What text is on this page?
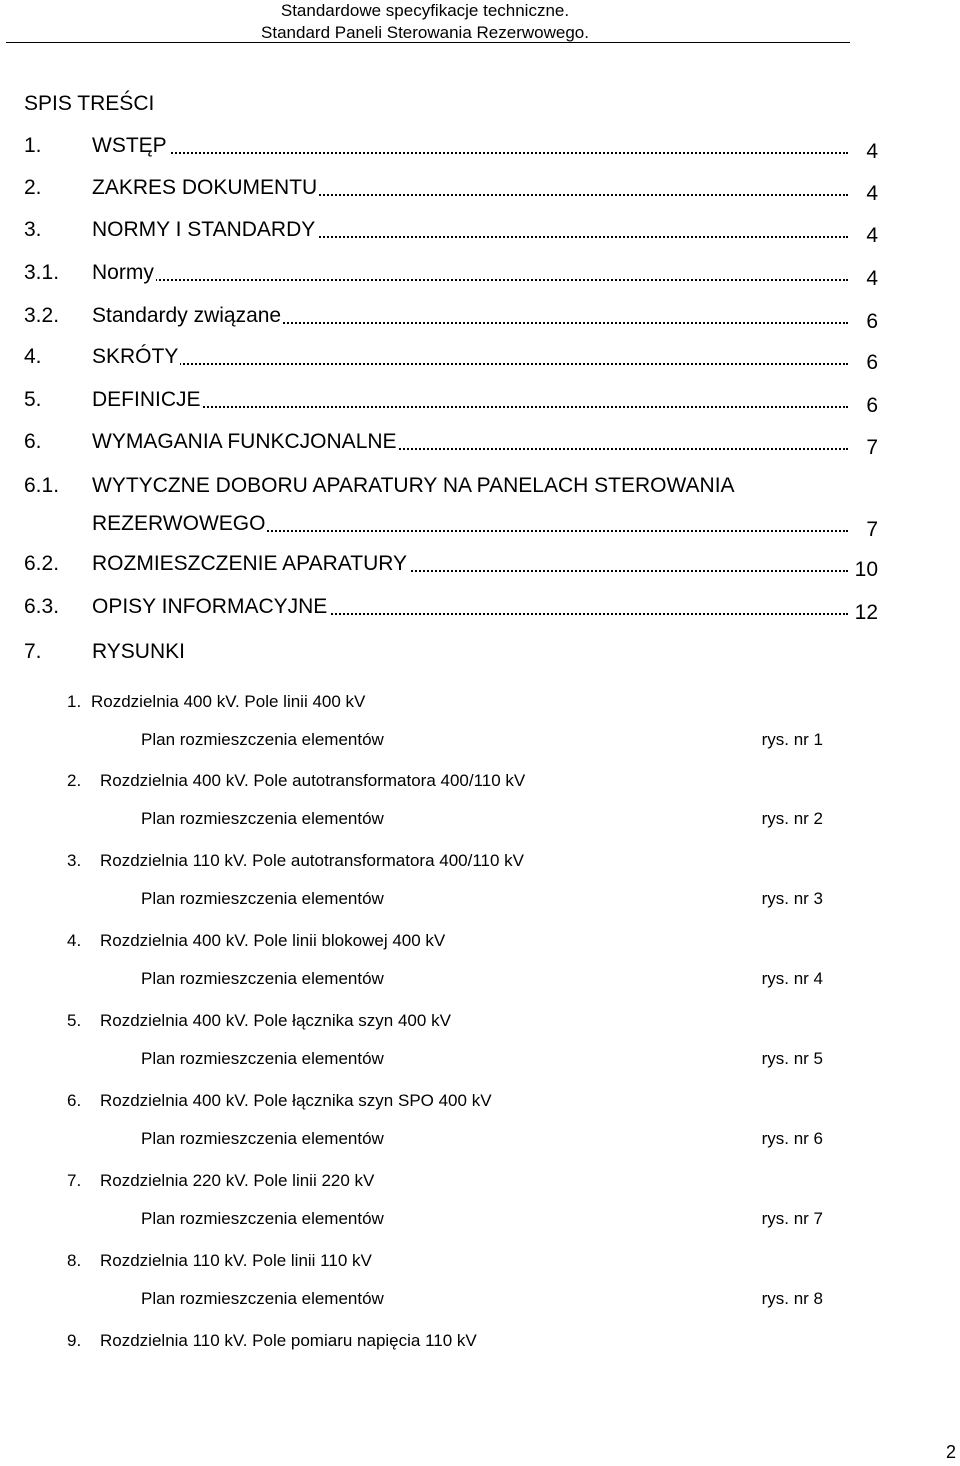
Standardowe specyfikacje techniczne.
Standard Paneli Sterowania Rezerwowego.
SPIS TREŚCI
1. WSTĘP	4
2. ZAKRES DOKUMENTU	4
3. NORMY I STANDARDY	4
3.1. Normy	4
3.2. Standardy związane	6
4. SKRÓTY	6
5. DEFINICJE	6
6. WYMAGANIA FUNKCJONALNE	7
6.1. WYTYCZNE DOBORU APARATURY NA PANELACH STEROWANIA
REZERWOWEGO	7
6.2. ROZMIESZCZENIE APARATURY	10
6.3. OPISY INFORMACYJNE	12
7. RYSUNKI
1. Rozdzielnia 400 kV. Pole linii 400 kV
Plan rozmieszczenia elementów	rys. nr 1
2. Rozdzielnia 400 kV. Pole autotransformatora 400/110 kV
Plan rozmieszczenia elementów	rys. nr 2
3. Rozdzielnia 110 kV. Pole autotransformatora 400/110 kV
Plan rozmieszczenia elementów	rys. nr 3
4. Rozdzielnia 400 kV. Pole linii blokowej 400 kV
Plan rozmieszczenia elementów	rys. nr 4
5. Rozdzielnia 400 kV. Pole łącznika szyn 400 kV
Plan rozmieszczenia elementów	rys. nr 5
6. Rozdzielnia 400 kV. Pole łącznika szyn SPO 400 kV
Plan rozmieszczenia elementów	rys. nr 6
7. Rozdzielnia 220 kV. Pole linii 220 kV
Plan rozmieszczenia elementów	rys. nr 7
8. Rozdzielnia 110 kV. Pole linii 110 kV
Plan rozmieszczenia elementów	rys. nr 8
9. Rozdzielnia 110 kV. Pole pomiaru napięcia 110 kV
2
